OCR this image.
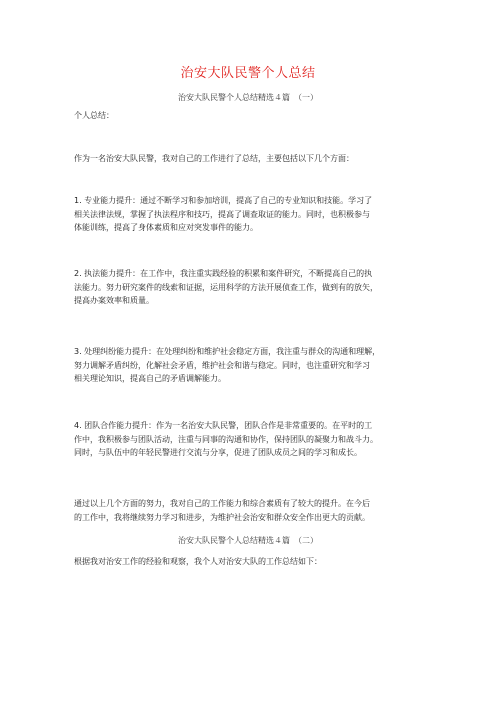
治安大队民警个人总结
治安大队民警个人总结精选４篇　（一）
个人总结：
作为一名治安大队民警，我对自己的工作进行了总结，主要包括以下几个方面：
1. 专业能力提升：通过不断学习和参加培训，提高了自己的专业知识和技能。学习了
相关法律法规，掌握了执法程序和技巧，提高了调查取证的能力。同时，也积极参与
体能训练，提高了身体素质和应对突发事件的能力。
2. 执法能力提升：在工作中，我注重实践经验的积累和案件研究，不断提高自己的执
法能力。努力研究案件的线索和证据，运用科学的方法开展侦查工作，做到有的放矢，
提高办案效率和质量。
3. 处理纠纷能力提升：在处理纠纷和维护社会稳定方面，我注重与群众的沟通和理解，
努力调解矛盾纠纷，化解社会矛盾，维护社会和谐与稳定。同时，也注重研究和学习
相关理论知识，提高自己的矛盾调解能力。
4. 团队合作能力提升：作为一名治安大队民警，团队合作是非常重要的。在平时的工
作中，我积极参与团队活动，注重与同事的沟通和协作，保持团队的凝聚力和战斗力。
同时，与队伍中的年轻民警进行交流与分享，促进了团队成员之间的学习和成长。
通过以上几个方面的努力，我对自己的工作能力和综合素质有了较大的提升。在今后
的工作中，我将继续努力学习和进步，为维护社会治安和群众安全作出更大的贡献。
治安大队民警个人总结精选４篇　（二）
根据我对治安工作的经验和观察，我个人对治安大队的工作总结如下：
